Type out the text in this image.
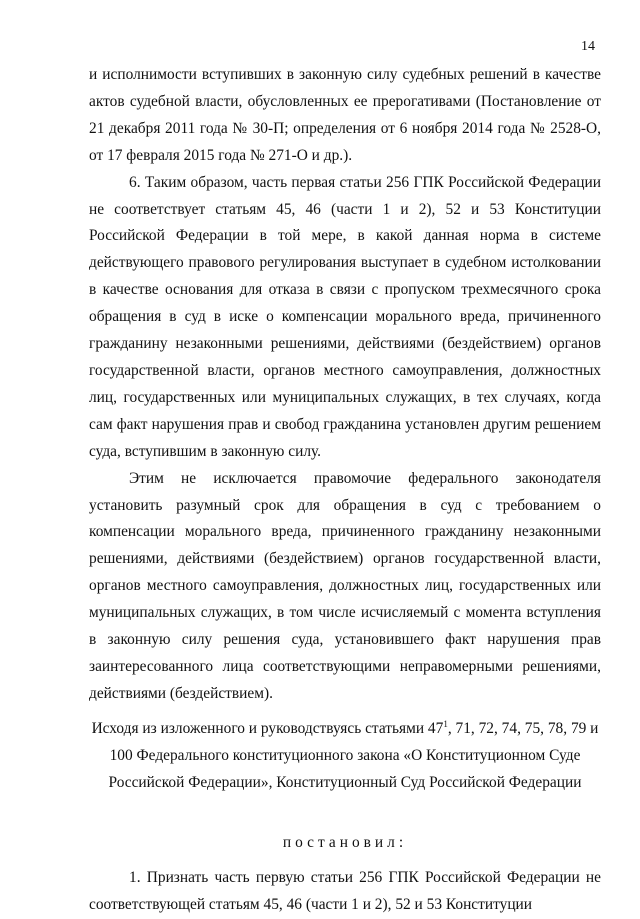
14

и исполнимости вступивших в законную силу судебных решений в качестве актов судебной власти, обусловленных ее прерогативами (Постановление от 21 декабря 2011 года № 30-П; определения от 6 ноября 2014 года № 2528-О, от 17 февраля 2015 года № 271-О и др.).

6. Таким образом, часть первая статьи 256 ГПК Российской Федерации не соответствует статьям 45, 46 (части 1 и 2), 52 и 53 Конституции Российской Федерации в той мере, в какой данная норма в системе действующего правового регулирования выступает в судебном истолковании в качестве основания для отказа в связи с пропуском трехмесячного срока обращения в суд в иске о компенсации морального вреда, причиненного гражданину незаконными решениями, действиями (бездействием) органов государственной власти, органов местного самоуправления, должностных лиц, государственных или муниципальных служащих, в тех случаях, когда сам факт нарушения прав и свобод гражданина установлен другим решением суда, вступившим в законную силу.

Этим не исключается правомочие федерального законодателя установить разумный срок для обращения в суд с требованием о компенсации морального вреда, причиненного гражданину незаконными решениями, действиями (бездействием) органов государственной власти, органов местного самоуправления, должностных лиц, государственных или муниципальных служащих, в том числе исчисляемый с момента вступления в законную силу решения суда, установившего факт нарушения прав заинтересованного лица соответствующими неправомерными решениями, действиями (бездействием).

Исходя из изложенного и руководствуясь статьями $47^1$, 71, 72, 74, 75, 78, 79 и 100 Федерального конституционного закона «О Конституционном Суде Российской Федерации», Конституционный Суд Российской Федерации

постановил:

1. Признать часть первую статьи 256 ГПК Российской Федерации не соответствующей статьям 45, 46 (части 1 и 2), 52 и 53 Конституции
